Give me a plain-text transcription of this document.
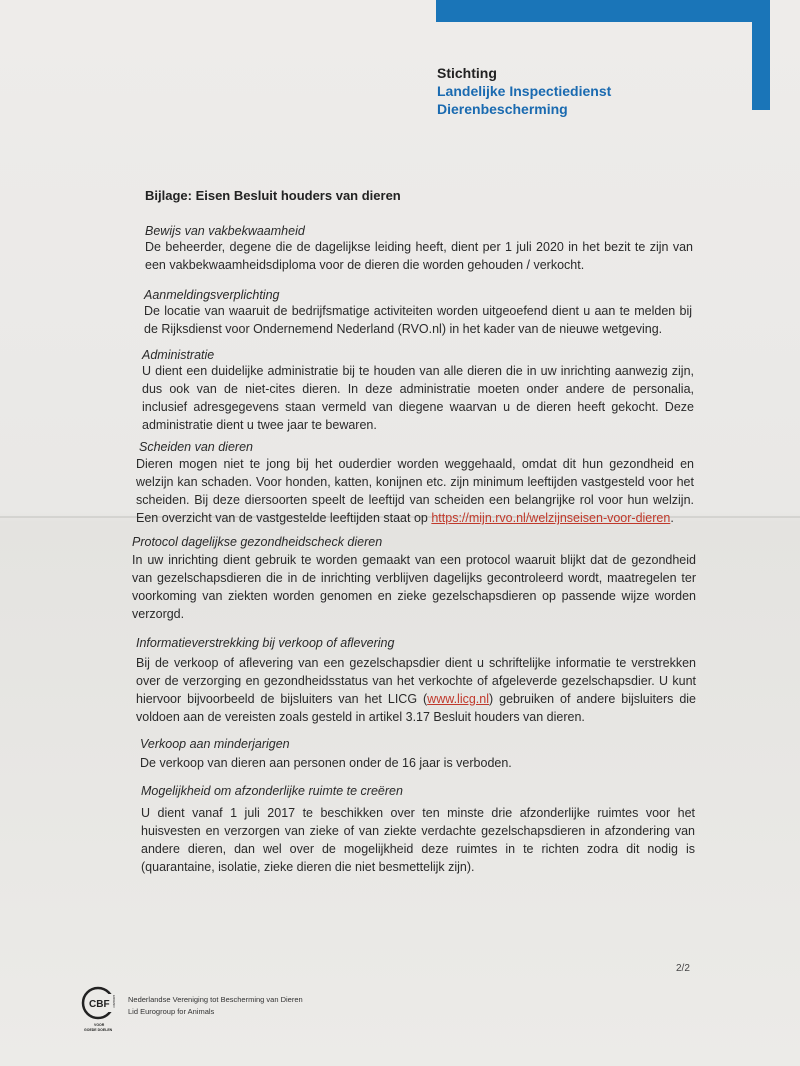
Stichting
Landelijke Inspectiedienst
Dierenbescherming
Bijlage: Eisen Besluit houders van dieren
Bewijs van vakbekwaamheid
De beheerder, degene die de dagelijkse leiding heeft, dient per 1 juli 2020 in het bezit te zijn van een vakbekwaamheidsdiploma voor de dieren die worden gehouden / verkocht.
Aanmeldingsverplichting
De locatie van waaruit de bedrijfsmatige activiteiten worden uitgeoefend dient u aan te melden bij de Rijksdienst voor Ondernemend Nederland (RVO.nl) in het kader van de nieuwe wetgeving.
Administratie
U dient een duidelijke administratie bij te houden van alle dieren die in uw inrichting aanwezig zijn, dus ook van de niet-cites dieren. In deze administratie moeten onder andere de personalia, inclusief adresgegevens staan vermeld van diegene waarvan u de dieren heeft gekocht. Deze administratie dient u twee jaar te bewaren.
Scheiden van dieren
Dieren mogen niet te jong bij het ouderdier worden weggehaald, omdat dit hun gezondheid en welzijn kan schaden. Voor honden, katten, konijnen etc. zijn minimum leeftijden vastgesteld voor het scheiden. Bij deze diersoorten speelt de leeftijd van scheiden een belangrijke rol voor hun welzijn. Een overzicht van de vastgestelde leeftijden staat op https://mijn.rvo.nl/welzijnseisen-voor-dieren.
Protocol dagelijkse gezondheidscheck dieren
In uw inrichting dient gebruik te worden gemaakt van een protocol waaruit blijkt dat de gezondheid van gezelschapsdieren die in de inrichting verblijven dagelijks gecontroleerd wordt, maatregelen ter voorkoming van ziekten worden genomen en zieke gezelschapsdieren op passende wijze worden verzorgd.
Informatieverstrekking bij verkoop of aflevering
Bij de verkoop of aflevering van een gezelschapsdier dient u schriftelijke informatie te verstrekken over de verzorging en gezondheidsstatus van het verkochte of afgeleverde gezelschapsdier. U kunt hiervoor bijvoorbeeld de bijsluiters van het LICG (www.licg.nl) gebruiken of andere bijsluiters die voldoen aan de vereisten zoals gesteld in artikel 3.17 Besluit houders van dieren.
Verkoop aan minderjarigen
De verkoop van dieren aan personen onder de 16 jaar is verboden.
Mogelijkheid om afzonderlijke ruimte te creëren
U dient vanaf 1 juli 2017 te beschikken over ten minste drie afzonderlijke ruimtes voor het huisvesten en verzorgen van zieke of van ziekte verdachte gezelschapsdieren in afzondering van andere dieren, dan wel over de mogelijkheid deze ruimtes in te richten zodra dit nodig is (quarantaine, isolatie, zieke dieren die niet besmettelijk zijn).
2/2
CBF ERKEND
VOOR
GOEDE DOELEN
Nederlandse Vereniging tot Bescherming van Dieren
Lid Eurogroup for Animals
